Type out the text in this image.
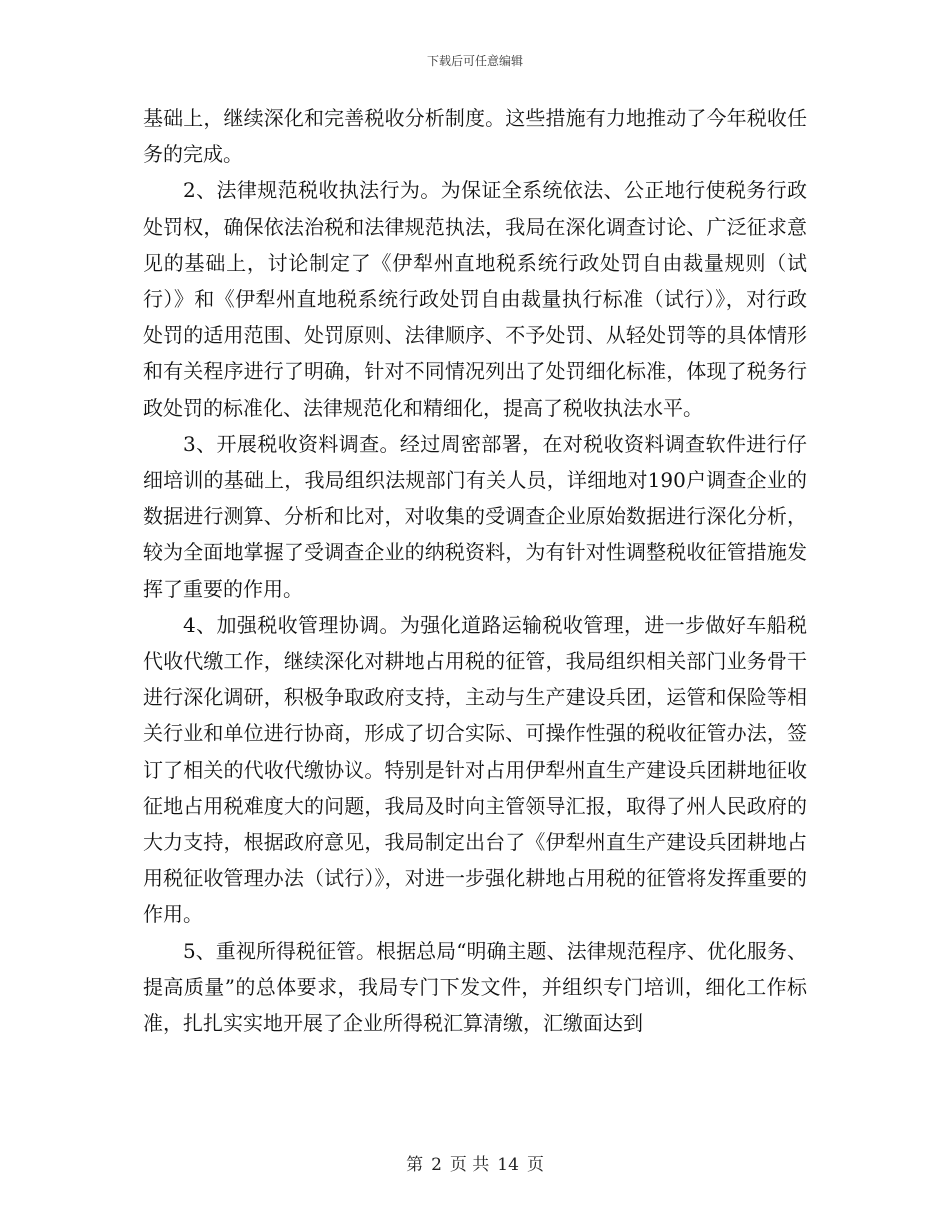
下载后可任意编辑

基础上，继续深化和完善税收分析制度。这些措施有力地推动了今年税收任务的完成。

2、法律规范税收执法行为。为保证全系统依法、公正地行使税务行政处罚权，确保依法治税和法律规范执法，我局在深化调查讨论、广泛征求意见的基础上，讨论制定了《伊犁州直地税系统行政处罚自由裁量规则（试行）》和《伊犁州直地税系统行政处罚自由裁量执行标准（试行）》，对行政处罚的适用范围、处罚原则、法律顺序、不予处罚、从轻处罚等的具体情形和有关程序进行了明确，针对不同情况列出了处罚细化标准，体现了税务行政处罚的标准化、法律规范化和精细化，提高了税收执法水平。

3、开展税收资料调查。经过周密部署，在对税收资料调查软件进行仔细培训的基础上，我局组织法规部门有关人员，详细地对190户调查企业的数据进行测算、分析和比对，对收集的受调查企业原始数据进行深化分析，较为全面地掌握了受调查企业的纳税资料，为有针对性调整税收征管措施发挥了重要的作用。

4、加强税收管理协调。为强化道路运输税收管理，进一步做好车船税代收代缴工作，继续深化对耕地占用税的征管，我局组织相关部门业务骨干进行深化调研，积极争取政府支持，主动与生产建设兵团，运管和保险等相关行业和单位进行协商，形成了切合实际、可操作性强的税收征管办法，签订了相关的代收代缴协议。特别是针对占用伊犁州直生产建设兵团耕地征收征地占用税难度大的问题，我局及时向主管领导汇报，取得了州人民政府的大力支持，根据政府意见，我局制定出台了《伊犁州直生产建设兵团耕地占用税征收管理办法（试行）》，对进一步强化耕地占用税的征管将发挥重要的作用。

5、重视所得税征管。根据总局“明确主题、法律规范程序、优化服务、提高质量”的总体要求，我局专门下发文件，并组织专门培训，细化工作标准，扎扎实实地开展了企业所得税汇算清缴，汇缴面达到

第 2 页 共 14 页
